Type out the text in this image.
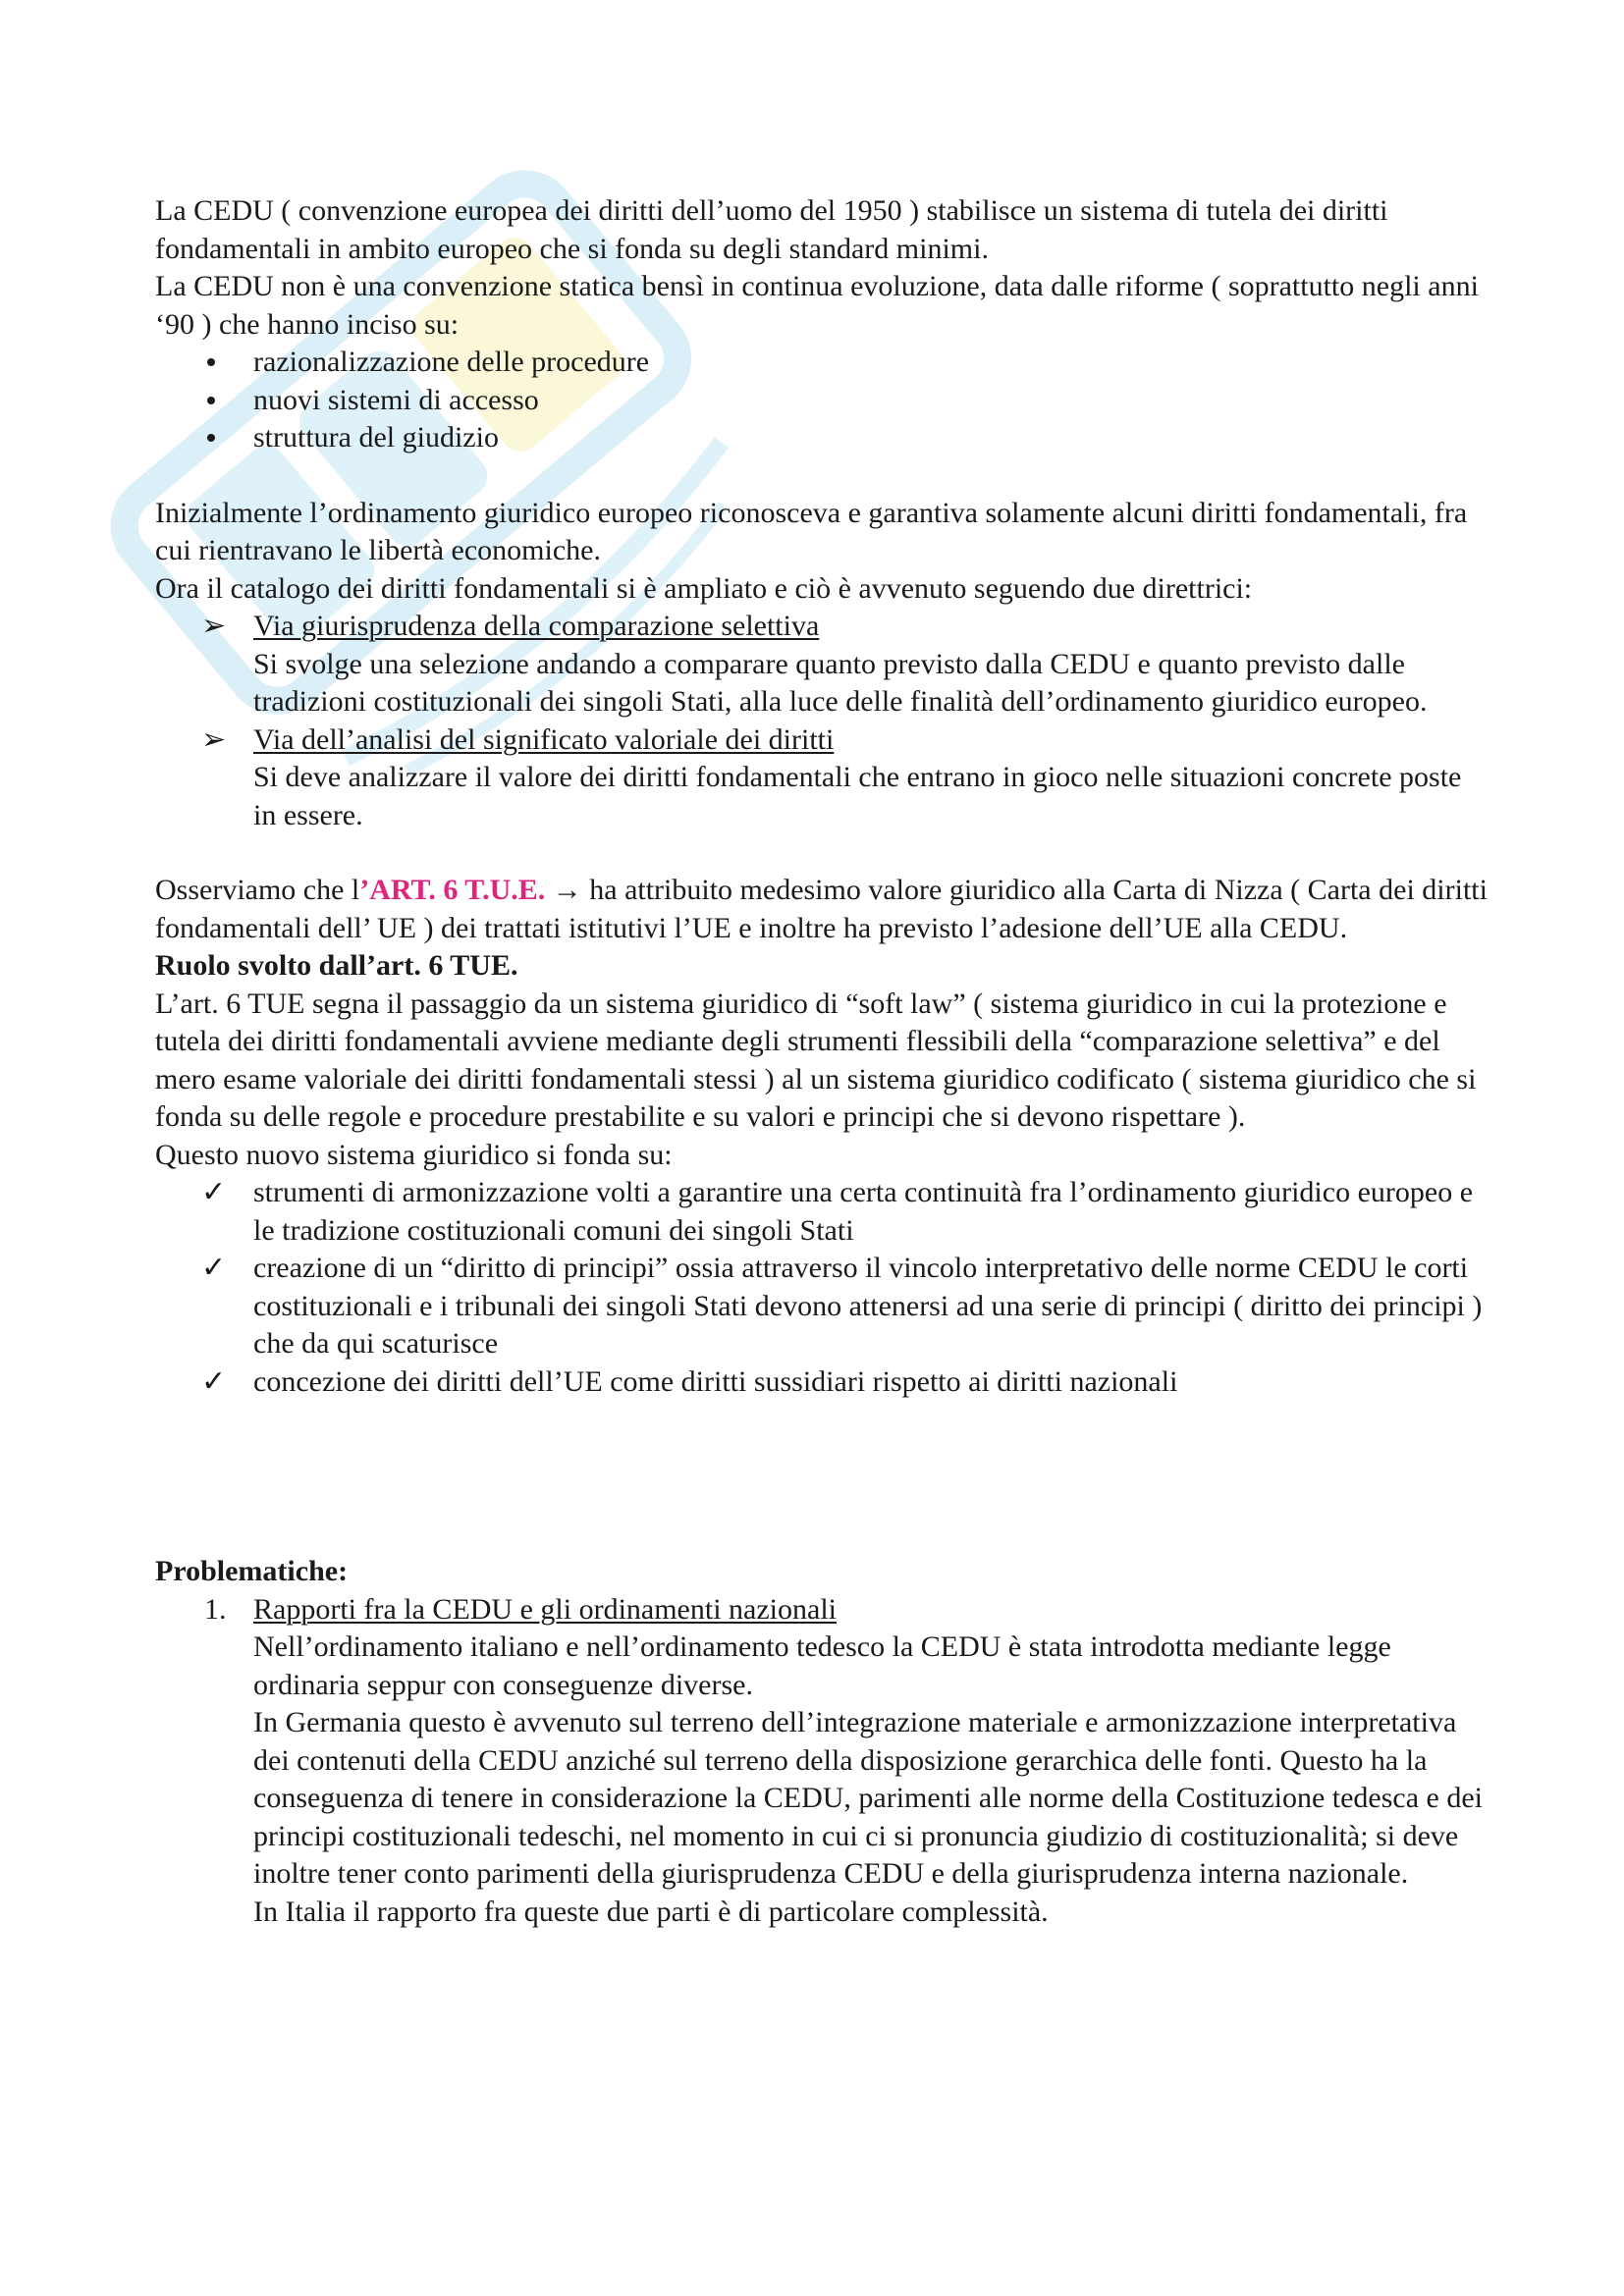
La CEDU ( convenzione europea dei diritti dell’uomo del 1950 ) stabilisce un sistema di tutela dei diritti fondamentali in ambito europeo che si fonda su degli standard minimi.

La CEDU non è una convenzione statica bensì in continua evoluzione, data dalle riforme ( soprattutto negli anni ‘90 ) che hanno inciso su:

razionalizzazione delle procedure
nuovi sistemi di accesso
struttura del giudizio

Inizialmente l’ordinamento giuridico europeo riconosceva e garantiva solamente alcuni diritti fondamentali, fra cui rientravano le libertà economiche.

Ora il catalogo dei diritti fondamentali si è ampliato e ciò è avvenuto seguendo due direttrici:

➢ Via giurisprudenza della comparazione selettiva
Si svolge una selezione andando a comparare quanto previsto dalla CEDU e quanto previsto dalle tradizioni costituzionali dei singoli Stati, alla luce delle finalità dell’ordinamento giuridico europeo.
➢ Via dell’analisi del significato valoriale dei diritti
Si deve analizzare il valore dei diritti fondamentali che entrano in gioco nelle situazioni concrete poste in essere.

Osserviamo che l’ART. 6 T.U.E. → ha attribuito medesimo valore giuridico alla Carta di Nizza ( Carta dei diritti fondamentali dell’ UE ) dei trattati istitutivi l’UE e inoltre ha previsto l’adesione dell’UE alla CEDU.

Ruolo svolto dall’art. 6 TUE.

L’art. 6 TUE segna il passaggio da un sistema giuridico di “soft law” ( sistema giuridico in cui la protezione e tutela dei diritti fondamentali avviene mediante degli strumenti flessibili della “comparazione selettiva” e del mero esame valoriale dei diritti fondamentali stessi ) al un sistema giuridico codificato ( sistema giuridico che si fonda su delle regole e procedure prestabilite e su valori e principi che si devono rispettare ).

Questo nuovo sistema giuridico si fonda su:

✓ strumenti di armonizzazione volti a garantire una certa continuità fra l’ordinamento giuridico europeo e le tradizione costituzionali comuni dei singoli Stati
✓ creazione di un “diritto di principi” ossia attraverso il vincolo interpretativo delle norme CEDU le corti costituzionali e i tribunali dei singoli Stati devono attenersi ad una serie di principi ( diritto dei principi ) che da qui scaturisce
✓ concezione dei diritti dell’UE come diritti sussidiari rispetto ai diritti nazionali

Problematiche:

1. Rapporti fra la CEDU e gli ordinamenti nazionali
Nell’ordinamento italiano e nell’ordinamento tedesco la CEDU è stata introdotta mediante legge ordinaria seppur con conseguenze diverse.
In Germania questo è avvenuto sul terreno dell’integrazione materiale e armonizzazione interpretativa dei contenuti della CEDU anziché sul terreno della disposizione gerarchica delle fonti. Questo ha la conseguenza di tenere in considerazione la CEDU, parimenti alle norme della Costituzione tedesca e dei principi costituzionali tedeschi, nel momento in cui ci si pronuncia giudizio di costituzionalità; si deve inoltre tener conto parimenti della giurisprudenza CEDU e della giurisprudenza interna nazionale.
In Italia il rapporto fra queste due parti è di particolare complessità.
